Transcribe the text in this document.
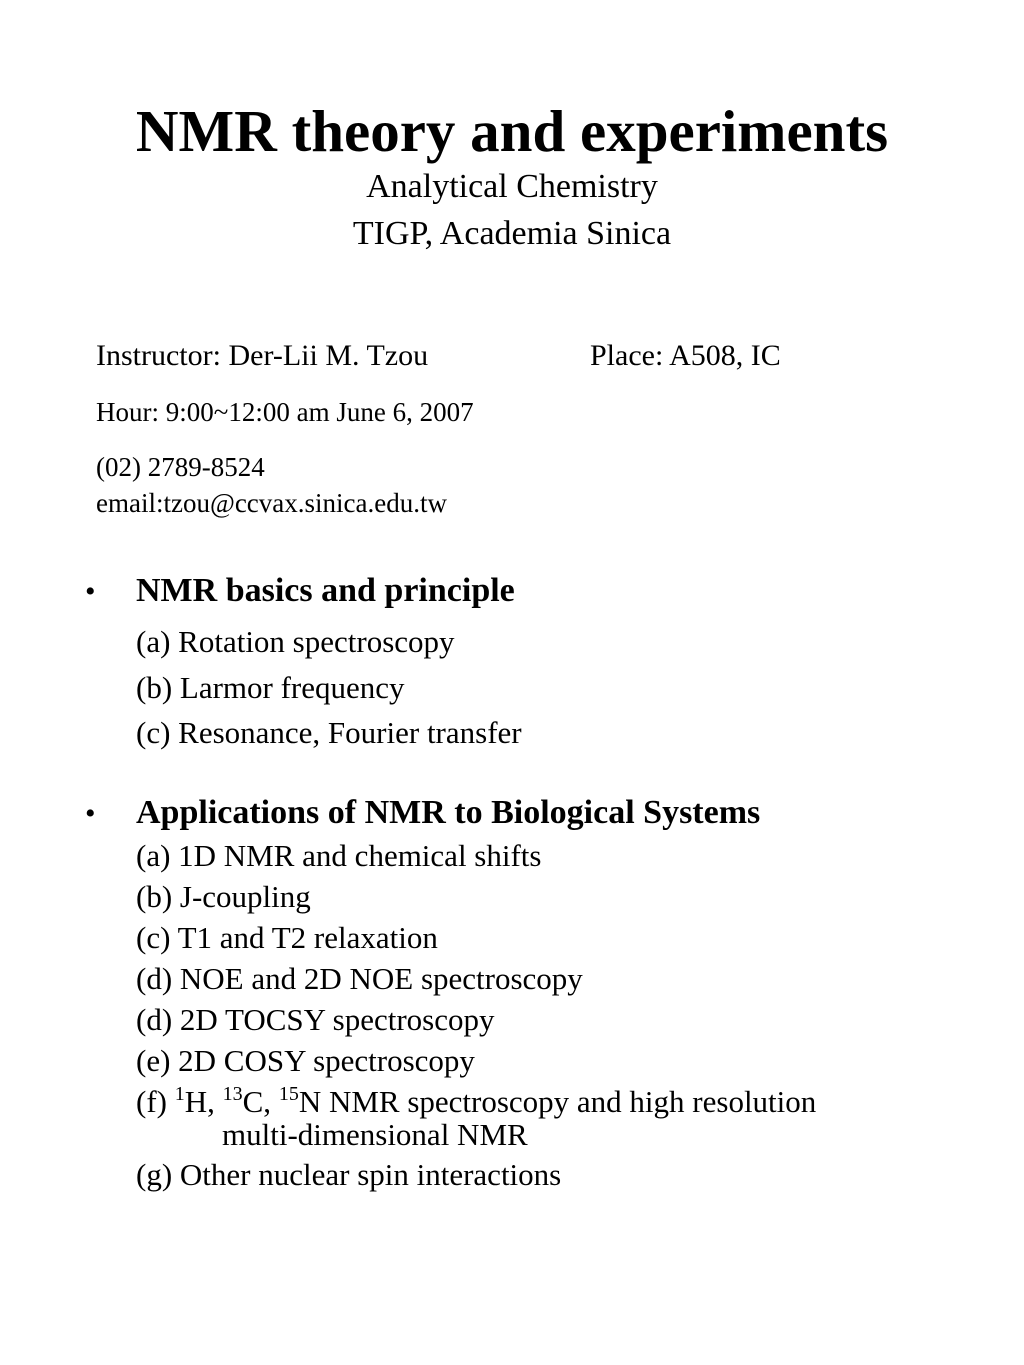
NMR theory and experiments
Analytical Chemistry
TIGP, Academia Sinica
Instructor: Der-Lii M. Tzou	Place: A508, IC
Hour: 9:00~12:00 am June 6, 2007
(02) 2789-8524
email:tzou@ccvax.sinica.edu.tw
• NMR basics and principle
(a) Rotation spectroscopy
(b) Larmor frequency
(c) Resonance, Fourier transfer
• Applications of NMR to Biological Systems
(a) 1D NMR and chemical shifts
(b) J-coupling
(c) T1 and T2 relaxation
(d) NOE and 2D NOE spectroscopy
(d) 2D TOCSY spectroscopy
(e) 2D COSY spectroscopy
(f) $^1$H, $^{13}$C, $^{15}$N NMR spectroscopy and high resolution
multi-dimensional NMR
(g) Other nuclear spin interactions
